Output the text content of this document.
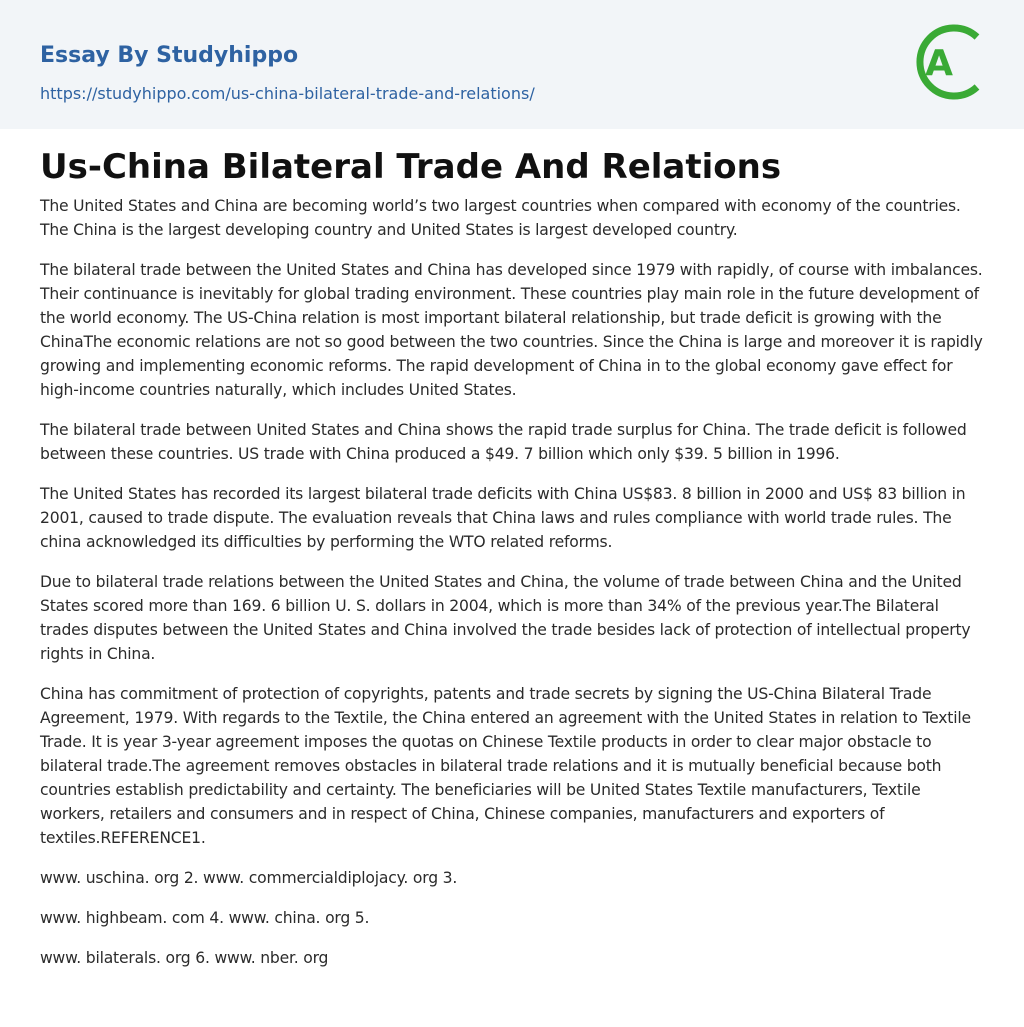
Essay By Studyhippo
https://studyhippo.com/us-china-bilateral-trade-and-relations/
A
Us-China Bilateral Trade And Relations

The United States and China are becoming world’s two largest countries when compared with economy of the countries. The China is the largest developing country and United States is largest developed country.

The bilateral trade between the United States and China has developed since 1979 with rapidly, of course with imbalances. Their continuance is inevitably for global trading environment. These countries play main role in the future development of the world economy. The US-China relation is most important bilateral relationship, but trade deficit is growing with the ChinaThe economic relations are not so good between the two countries. Since the China is large and moreover it is rapidly growing and implementing economic reforms. The rapid development of China in to the global economy gave effect for high-income countries naturally, which includes United States.

The bilateral trade between United States and China shows the rapid trade surplus for China. The trade deficit is followed between these countries. US trade with China produced a $49. 7 billion which only $39. 5 billion in 1996.

The United States has recorded its largest bilateral trade deficits with China US$83. 8 billion in 2000 and US$ 83 billion in 2001, caused to trade dispute. The evaluation reveals that China laws and rules compliance with world trade rules. The china acknowledged its difficulties by performing the WTO related reforms.

Due to bilateral trade relations between the United States and China, the volume of trade between China and the United States scored more than 169. 6 billion U. S. dollars in 2004, which is more than 34% of the previous year.The Bilateral trades disputes between the United States and China involved the trade besides lack of protection of intellectual property rights in China.

China has commitment of protection of copyrights, patents and trade secrets by signing the US-China Bilateral Trade Agreement, 1979. With regards to the Textile, the China entered an agreement with the United States in relation to Textile Trade. It is year 3-year agreement imposes the quotas on Chinese Textile products in order to clear major obstacle to bilateral trade.The agreement removes obstacles in bilateral trade relations and it is mutually beneficial because both countries establish predictability and certainty. The beneficiaries will be United States Textile manufacturers, Textile workers, retailers and consumers and in respect of China, Chinese companies, manufacturers and exporters of textiles.REFERENCE1.

www. uschina. org 2. www. commercialdiplojacy. org 3.

www. highbeam. com 4. www. china. org 5.

www. bilaterals. org 6. www. nber. org
